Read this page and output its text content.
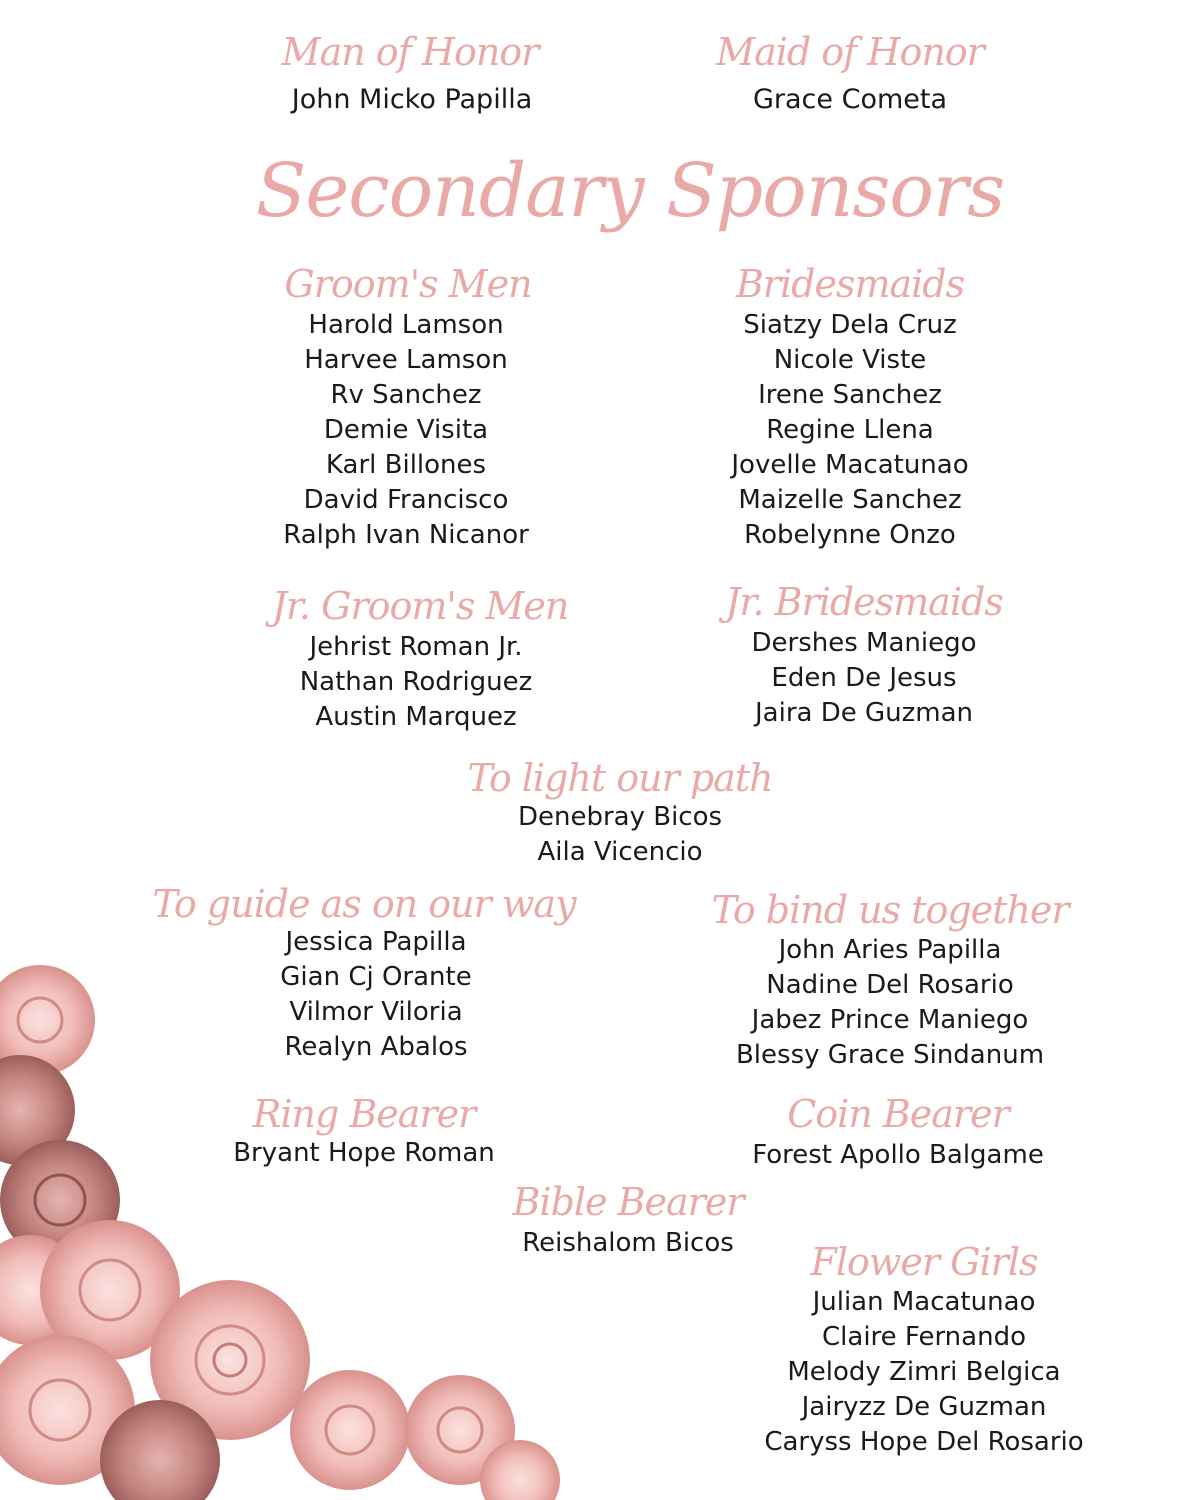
Man of Honor
John Micko Papilla
Maid of Honor
Grace Cometa
Secondary Sponsors
Groom's Men
Harold Lamson
Harvee Lamson
Rv Sanchez
Demie Visita
Karl Billones
David Francisco
Ralph Ivan Nicanor
Bridesmaids
Siatzy Dela Cruz
Nicole Viste
Irene Sanchez
Regine Llena
Jovelle Macatunao
Maizelle Sanchez
Robelynne Onzo
Jr. Groom's Men
Jehrist Roman Jr.
Nathan Rodriguez
Austin Marquez
Jr. Bridesmaids
Dershes Maniego
Eden De Jesus
Jaira De Guzman
To light our path
Denebray Bicos
Aila Vicencio
To guide as on our way
Jessica Papilla
Gian Cj Orante
Vilmor Viloria
Realyn Abalos
To bind us together
John Aries Papilla
Nadine Del Rosario
Jabez Prince Maniego
Blessy Grace Sindanum
Ring Bearer
Bryant Hope Roman
Coin Bearer
Forest Apollo Balgame
Bible Bearer
Reishalom Bicos Flower Girls
Julian Macatunao
Claire Fernando
Melody Zimri Belgica
Jairyzz De Guzman
Caryss Hope Del Rosario
